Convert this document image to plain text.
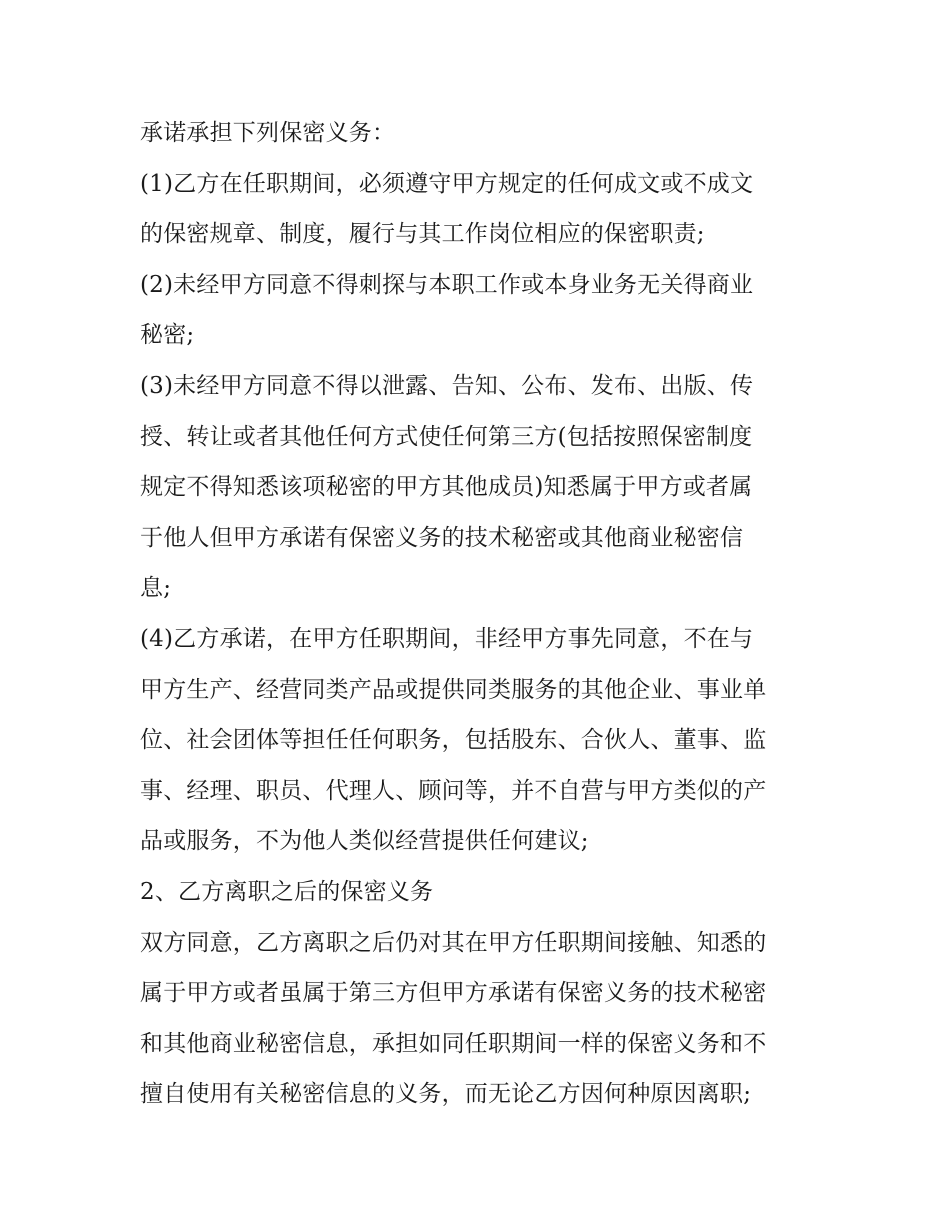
承诺承担下列保密义务：
(1)乙方在任职期间，必须遵守甲方规定的任何成文或不成文
的保密规章、制度，履行与其工作岗位相应的保密职责;
(2)未经甲方同意不得刺探与本职工作或本身业务无关得商业
秘密;
(3)未经甲方同意不得以泄露、告知、公布、发布、出版、传
授、转让或者其他任何方式使任何第三方(包括按照保密制度
规定不得知悉该项秘密的甲方其他成员)知悉属于甲方或者属
于他人但甲方承诺有保密义务的技术秘密或其他商业秘密信
息;
(4)乙方承诺，在甲方任职期间，非经甲方事先同意，不在与
甲方生产、经营同类产品或提供同类服务的其他企业、事业单
位、社会团体等担任任何职务，包括股东、合伙人、董事、监
事、经理、职员、代理人、顾问等，并不自营与甲方类似的产
品或服务，不为他人类似经营提供任何建议;
2、乙方离职之后的保密义务
双方同意，乙方离职之后仍对其在甲方任职期间接触、知悉的
属于甲方或者虽属于第三方但甲方承诺有保密义务的技术秘密
和其他商业秘密信息，承担如同任职期间一样的保密义务和不
擅自使用有关秘密信息的义务，而无论乙方因何种原因离职;
